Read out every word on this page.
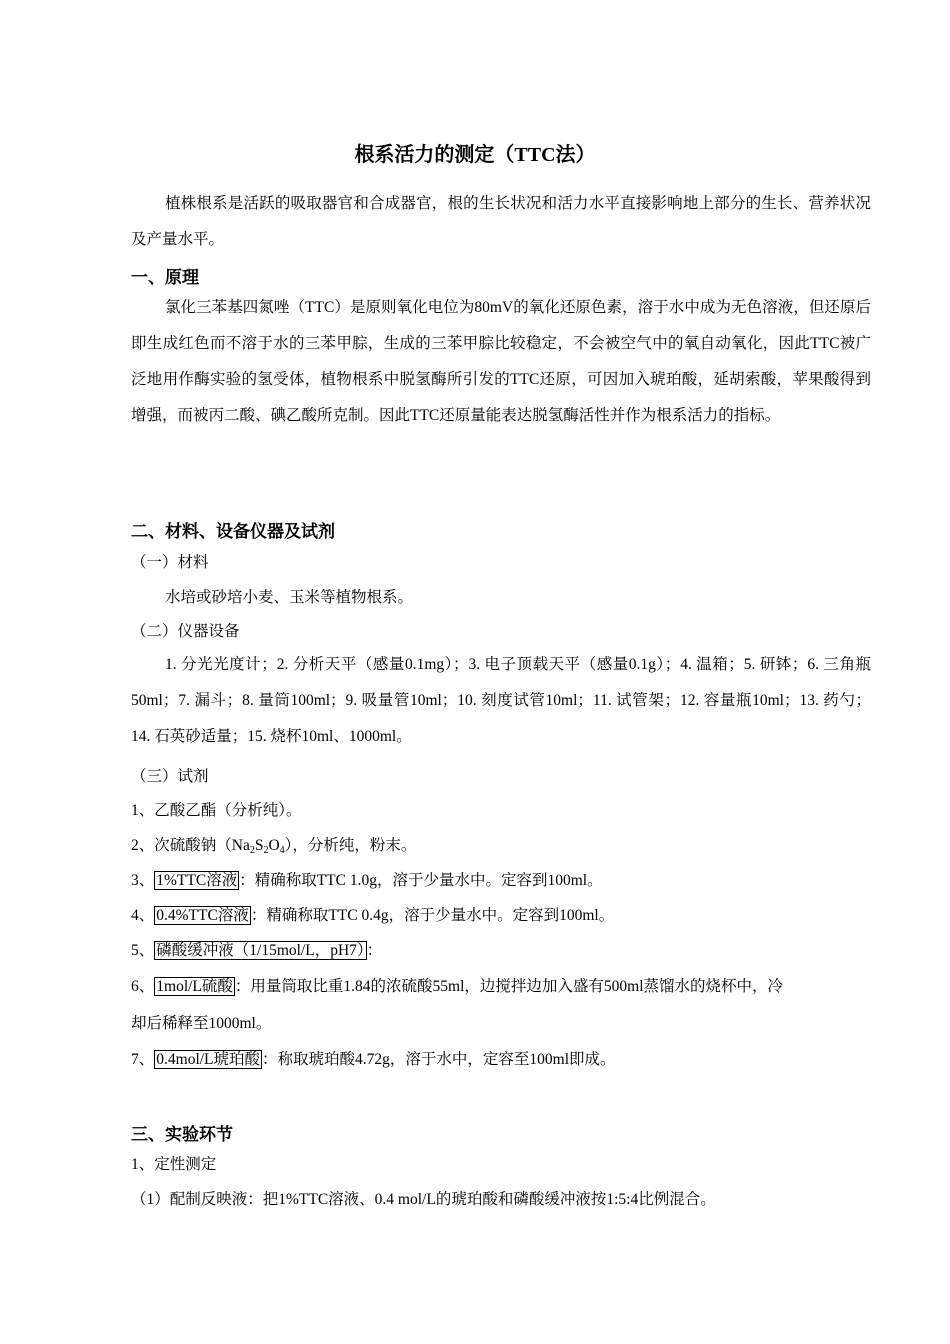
根系活力的测定（TTC法）
植株根系是活跃的吸取器官和合成器官，根的生长状况和活力水平直接影响地上部分的生长、营养状况及产量水平。
一、原理
氯化三苯基四氮唑（TTC）是原则氧化电位为80mV的氧化还原色素，溶于水中成为无色溶液，但还原后即生成红色而不溶于水的三苯甲腙，生成的三苯甲腙比较稳定，不会被空气中的氧自动氧化，因此TTC被广泛地用作酶实验的氢受体，植物根系中脱氢酶所引发的TTC还原，可因加入琥珀酸，延胡索酸，苹果酸得到增强，而被丙二酸、碘乙酸所克制。因此TTC还原量能表达脱氢酶活性并作为根系活力的指标。
二、材料、设备仪器及试剂
（一）材料
水培或砂培小麦、玉米等植物根系。
（二）仪器设备
1. 分光光度计；2. 分析天平（感量0.1mg）；3. 电子顶载天平（感量0.1g）；4. 温箱；5. 研钵；6. 三角瓶50ml；7. 漏斗；8. 量筒100ml；9. 吸量管10ml；10. 刻度试管10ml；11. 试管架；12. 容量瓶10ml；13. 药勺；14. 石英砂适量；15. 烧杯10ml、1000ml。
（三）试剂
1、乙酸乙酯（分析纯）。
2、次硫酸钠$(Na_2S_2O_4)$，分析纯，粉末。
3、 1%TTC溶液 ：精确称取TTC 1.0g，溶于少量水中。定容到100ml。
4、 0.4%TTC溶液 ：精确称取TTC 0.4g，溶于少量水中。定容到100ml。
5、 磷酸缓冲液（1/15mol/L，pH7） ：
6、 1mol/L硫酸 ：用量筒取比重1.84的浓硫酸55ml，边搅拌边加入盛有500ml蒸馏水的烧杯中，冷
却后稀释至1000ml。
7、 0.4mol/L琥珀酸 ：称取琥珀酸4.72g，溶于水中，定容至100ml即成。
三、实验环节
1、定性测定
（1）配制反映液：把1%TTC溶液、0.4 mol/L的琥珀酸和磷酸缓冲液按1:5:4比例混合。
